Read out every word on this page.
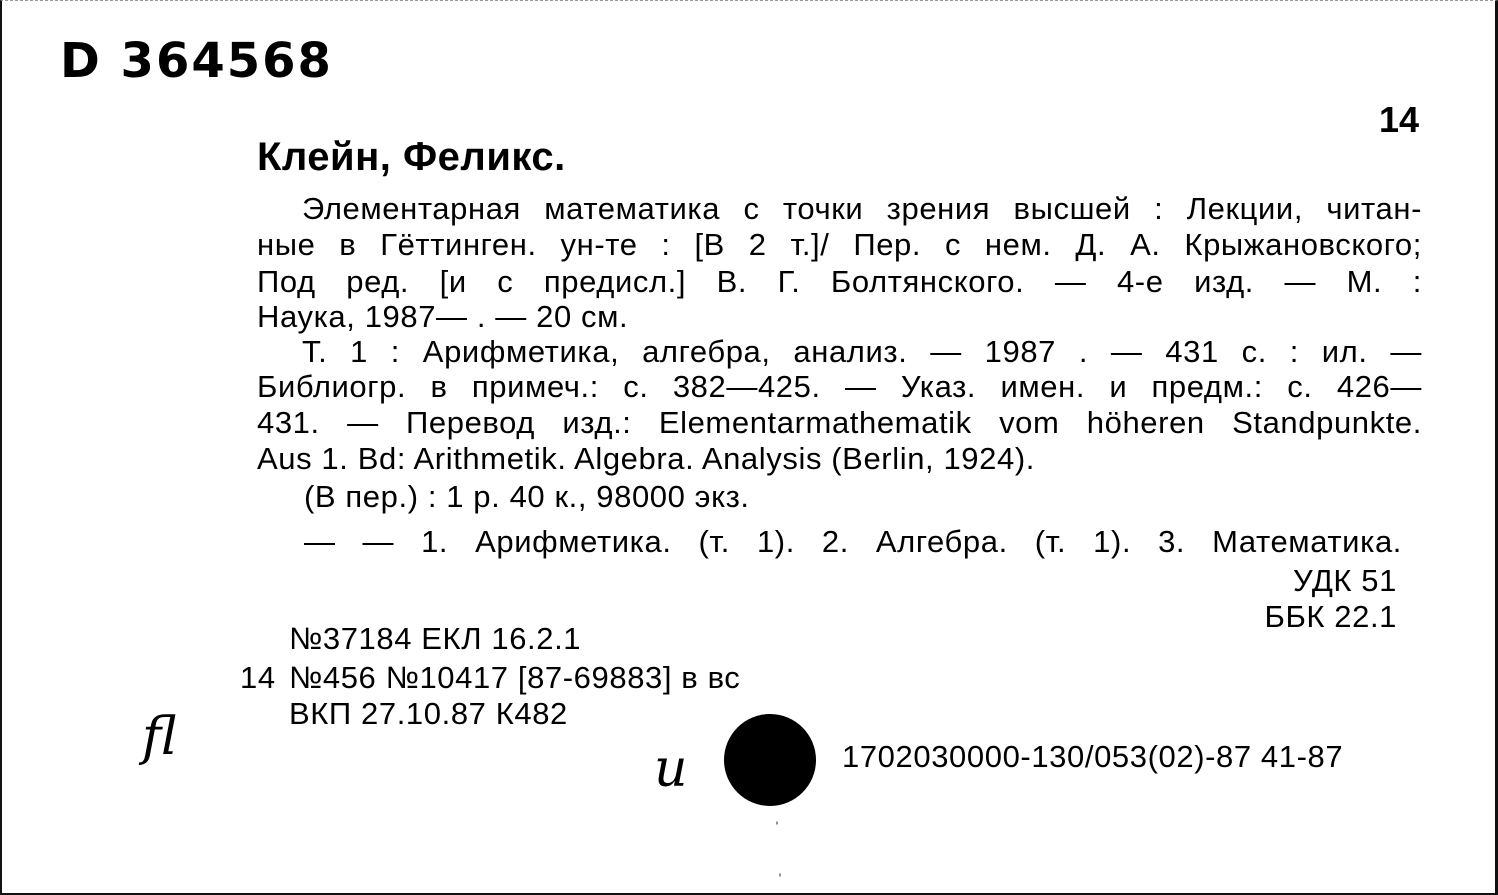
D 364568
14
Клейн, Феликс.
Элементарная математика с точки зрения высшей : Лекции, читан-
ные в Гёттинген. ун-те : [В 2 т.]/ Пер. с нем. Д. А. Крыжановского;
Под ред. [и с предисл.] В. Г. Болтянского. — 4-е изд. — М. :
Наука, 1987— . — 20 см.
Т. 1 : Арифметика, алгебра, анализ. — 1987 . — 431 с. : ил. —
Библиогр. в примеч.: с. 382—425. — Указ. имен. и предм.: с. 426—
431. — Перевод изд.: Elementarmathematik vom höheren Standpunkte.
Aus 1. Bd: Arithmetik. Algebra. Analysis (Berlin, 1924).
(В пер.) : 1 р. 40 к., 98000 экз.
— — 1. Арифметика. (т. 1). 2. Алгебра. (т. 1). 3. Математика.
УДК 51
ББК 22.1
№37184 ЕКЛ 16.2.1
14 №456 №10417 [87-69883] в вс
ВКП 27.10.87 К482
и
ﬂ	1702030000-130/053(02)-87 41-87
ˈ
ˈ
